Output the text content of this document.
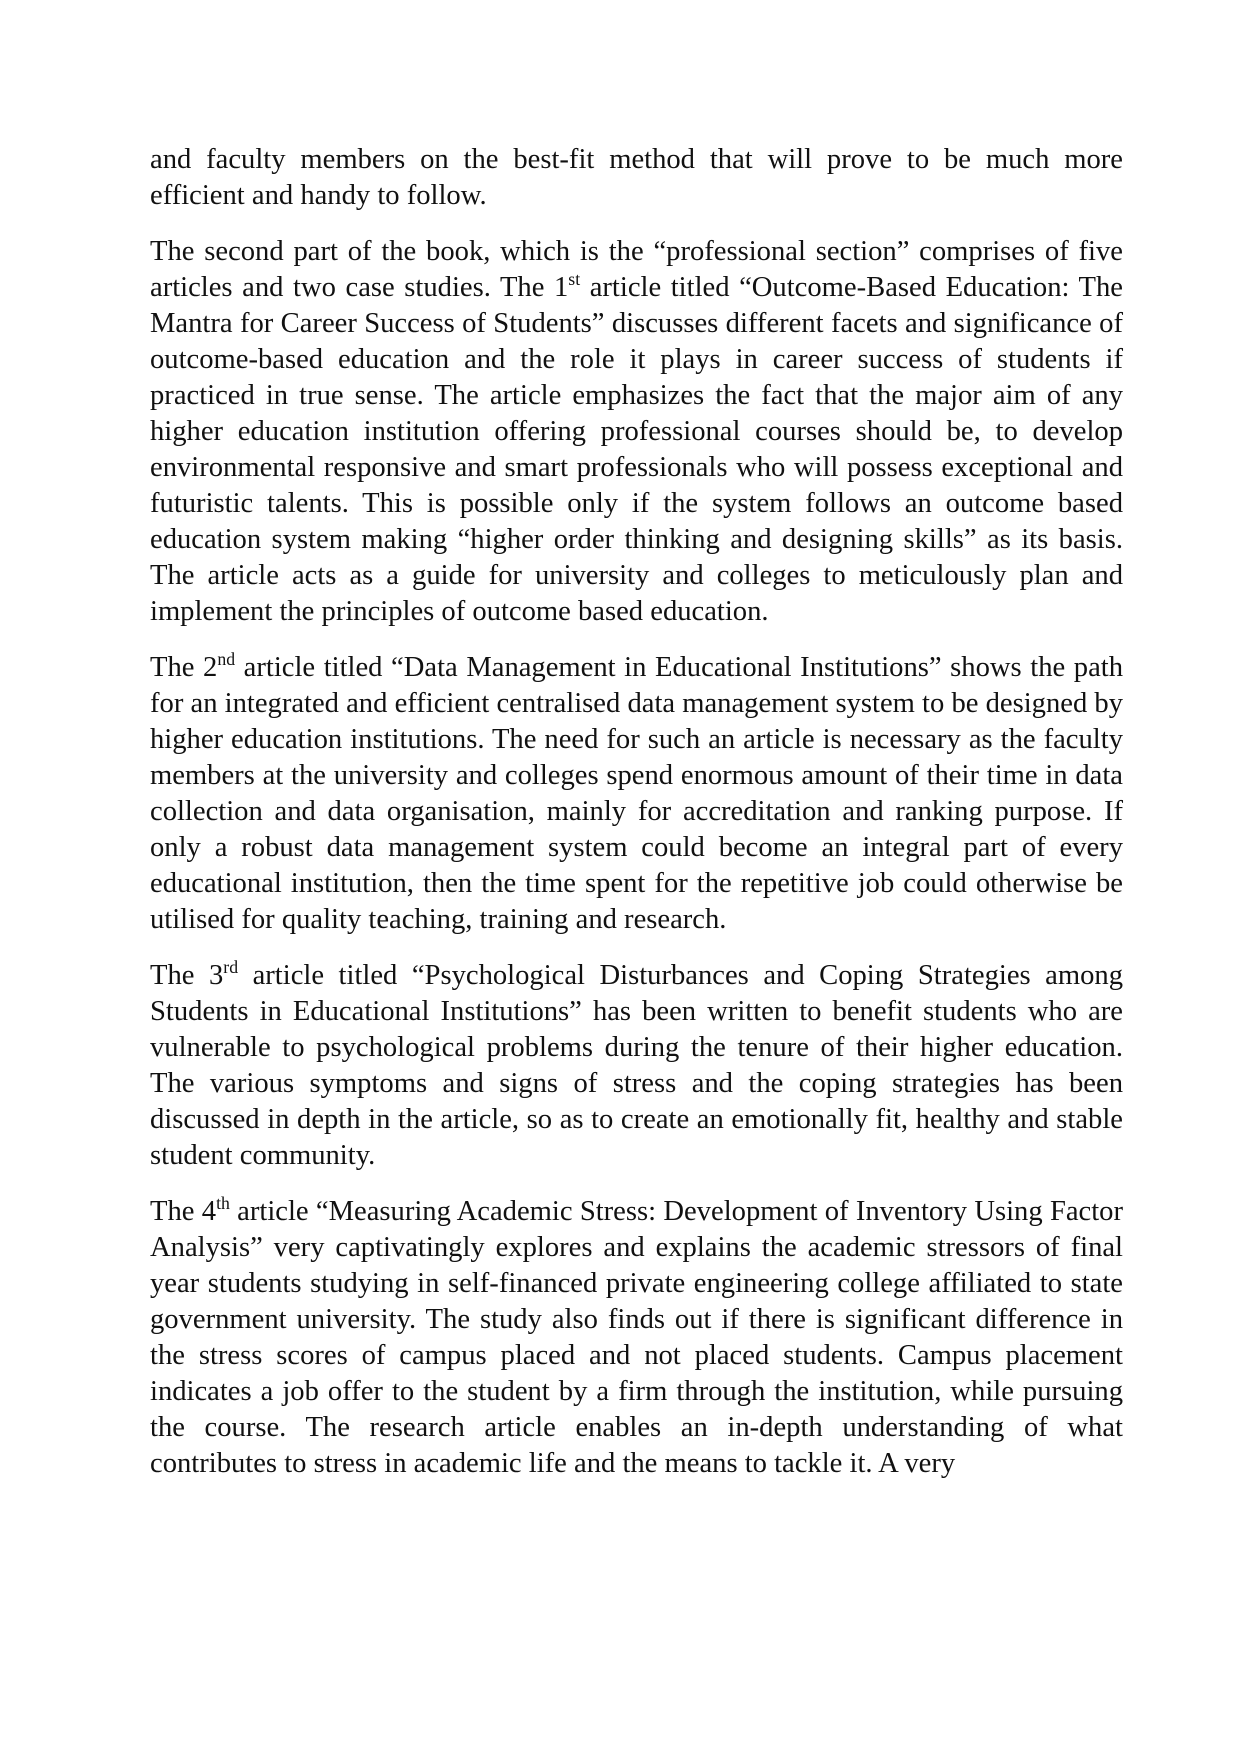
and faculty members on the best-fit method that will prove to be much more efficient and handy to follow.

The second part of the book, which is the “professional section” comprises of five articles and two case studies. The 1st article titled “Outcome-Based Education: The Mantra for Career Success of Students” discusses different facets and significance of outcome-based education and the role it plays in career success of students if practiced in true sense. The article emphasizes the fact that the major aim of any higher education institution offering professional courses should be, to develop environmental responsive and smart professionals who will possess exceptional and futuristic talents. This is possible only if the system follows an outcome based education system making “higher order thinking and designing skills” as its basis. The article acts as a guide for university and colleges to meticulously plan and implement the principles of outcome based education.

The 2nd article titled “Data Management in Educational Institutions” shows the path for an integrated and efficient centralised data management system to be designed by higher education institutions. The need for such an article is necessary as the faculty members at the university and colleges spend enormous amount of their time in data collection and data organisation, mainly for accreditation and ranking purpose. If only a robust data management system could become an integral part of every educational institution, then the time spent for the repetitive job could otherwise be utilised for quality teaching, training and research.

The 3rd article titled “Psychological Disturbances and Coping Strategies among Students in Educational Institutions” has been written to benefit students who are vulnerable to psychological problems during the tenure of their higher education. The various symptoms and signs of stress and the coping strategies has been discussed in depth in the article, so as to create an emotionally fit, healthy and stable student community.

The 4th article “Measuring Academic Stress: Development of Inventory Using Factor Analysis” very captivatingly explores and explains the academic stressors of final year students studying in self-financed private engineering college affiliated to state government university. The study also finds out if there is significant difference in the stress scores of campus placed and not placed students. Campus placement indicates a job offer to the student by a firm through the institution, while pursuing the course. The research article enables an in-depth understanding of what contributes to stress in academic life and the means to tackle it. A very
